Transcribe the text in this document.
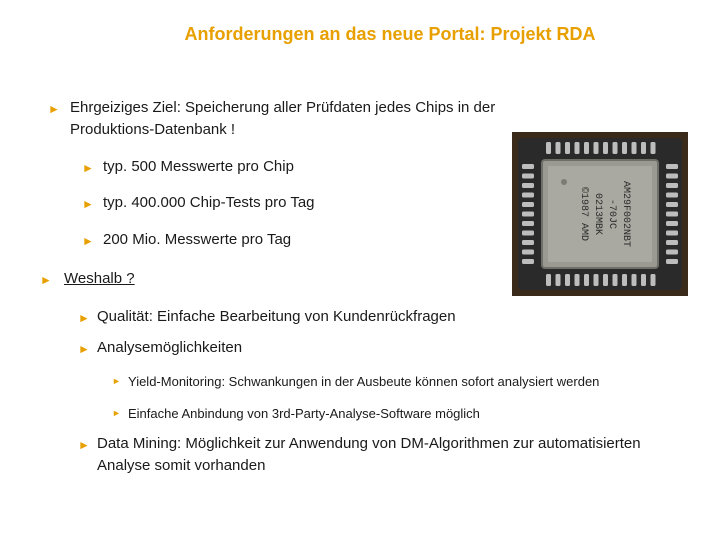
Anforderungen an das neue Portal: Projekt RDA
► Ehrgeiziges Ziel: Speicherung aller Prüfdaten jedes Chips in der
Produktions-Datenbank !
► typ. 500 Messwerte pro Chip
► typ. 400.000 Chip-Tests pro Tag
► 200 Mio. Messwerte pro Tag
► Weshalb ?
► Qualität: Einfache Bearbeitung von Kundenrückfragen
► Analysemöglichkeiten
► Yield-Monitoring: Schwankungen in der Ausbeute können sofort analysiert werden
► Einfache Anbindung von 3rd-Party-Analyse-Software möglich
► Data Mining: Möglichkeit zur Anwendung von DM-Algorithmen zur automatisierten
Analyse somit vorhanden
AM29F002NBT
-70JC
0213MBK
©1987 AMD
